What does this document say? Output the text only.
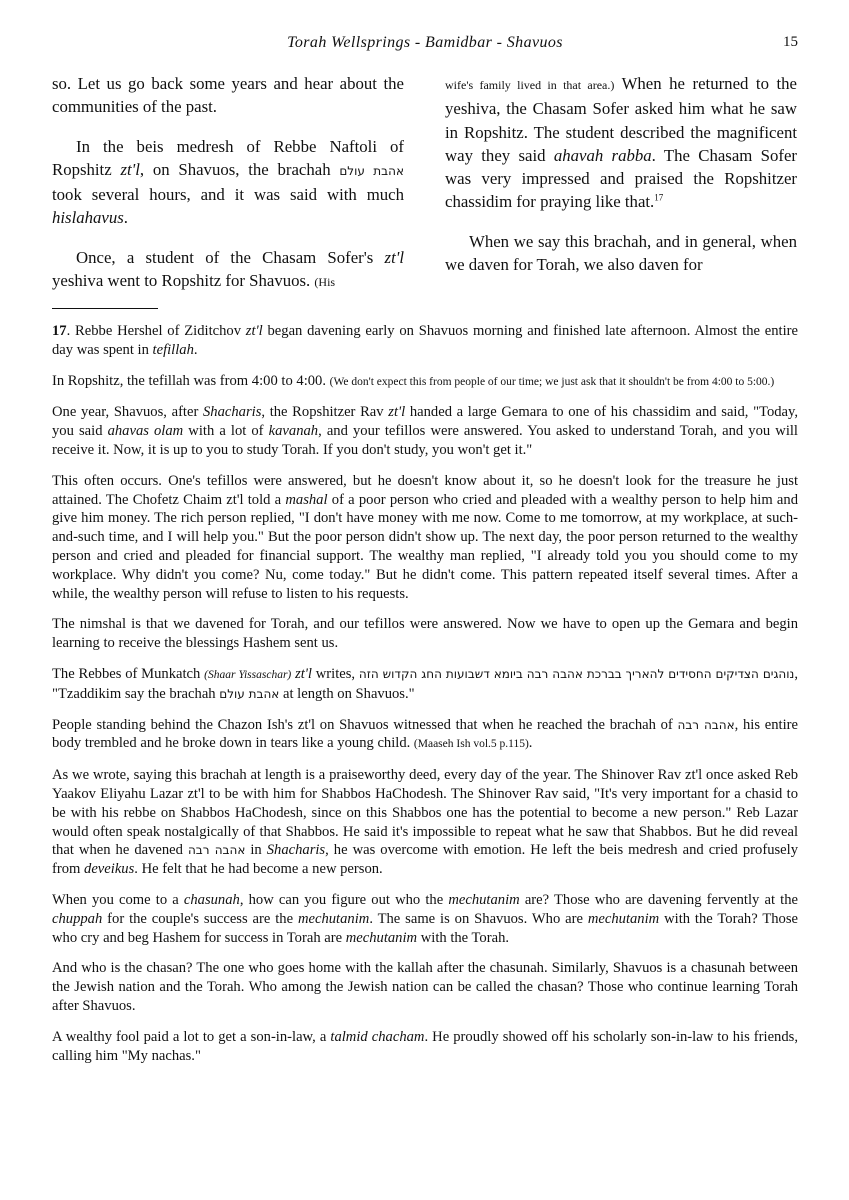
Torah Wellsprings - Bamidbar - Shavuos	15

so. Let us go back some years and hear about the communities of the past.

In the beis medresh of Rebbe Naftoli of Ropshitz zt'l, on Shavuos, the brachah אהבת עולם took several hours, and it was said with much hislahavus.

Once, a student of the Chasam Sofer's zt'l yeshiva went to Ropshitz for Shavuos. (His

wife's family lived in that area.) When he returned to the yeshiva, the Chasam Sofer asked him what he saw in Ropshitz. The student described the magnificent way they said ahavah rabba. The Chasam Sofer was very impressed and praised the Ropshitzer chassidim for praying like that.$^{17}$

When we say this brachah, and in general, when we daven for Torah, we also daven for

17. Rebbe Hershel of Ziditchov zt'l began davening early on Shavuos morning and finished late afternoon. Almost the entire day was spent in tefillah.

In Ropshitz, the tefillah was from 4:00 to 4:00. (We don't expect this from people of our time; we just ask that it shouldn't be from 4:00 to 5:00.)

One year, Shavuos, after Shacharis, the Ropshitzer Rav zt'l handed a large Gemara to one of his chassidim and said, "Today, you said ahavas olam with a lot of kavanah, and your tefillos were answered. You asked to understand Torah, and you will receive it. Now, it is up to you to study Torah. If you don't study, you won't get it."

This often occurs. One's tefillos were answered, but he doesn't know about it, so he doesn't look for the treasure he just attained. The Chofetz Chaim zt'l told a mashal of a poor person who cried and pleaded with a wealthy person to help him and give him money. The rich person replied, "I don't have money with me now. Come to me tomorrow, at my workplace, at such-and-such time, and I will help you." But the poor person didn't show up. The next day, the poor person returned to the wealthy person and cried and pleaded for financial support. The wealthy man replied, "I already told you you should come to my workplace. Why didn't you come? Nu, come today." But he didn't come. This pattern repeated itself several times. After a while, the wealthy person will refuse to listen to his requests.

The nimshal is that we davened for Torah, and our tefillos were answered. Now we have to open up the Gemara and begin learning to receive the blessings Hashem sent us.

The Rebbes of Munkatch (Shaar Yissaschar) zt'l writes, נוהגים הצדיקים החסידים להאריך בברכת אהבה רבה ביומא דשבועות החג הקדוש הזה, "Tzaddikim say the brachah אהבת עולם at length on Shavuos."

People standing behind the Chazon Ish's zt'l on Shavuos witnessed that when he reached the brachah of אהבה רבה, his entire body trembled and he broke down in tears like a young child. (Maaseh Ish vol.5 p.115).

As we wrote, saying this brachah at length is a praiseworthy deed, every day of the year. The Shinover Rav zt'l once asked Reb Yaakov Eliyahu Lazar zt'l to be with him for Shabbos HaChodesh. The Shinover Rav said, "It's very important for a chasid to be with his rebbe on Shabbos HaChodesh, since on this Shabbos one has the potential to become a new person." Reb Lazar would often speak nostalgically of that Shabbos. He said it's impossible to repeat what he saw that Shabbos. But he did reveal that when he davened אהבה רבה in Shacharis, he was overcome with emotion. He left the beis medresh and cried profusely from deveikus. He felt that he had become a new person.

When you come to a chasunah, how can you figure out who the mechutanim are? Those who are davening fervently at the chuppah for the couple's success are the mechutanim. The same is on Shavuos. Who are mechutanim with the Torah? Those who cry and beg Hashem for success in Torah are mechutanim with the Torah.

And who is the chasan? The one who goes home with the kallah after the chasunah. Similarly, Shavuos is a chasunah between the Jewish nation and the Torah. Who among the Jewish nation can be called the chasan? Those who continue learning Torah after Shavuos.

A wealthy fool paid a lot to get a son-in-law, a talmid chacham. He proudly showed off his scholarly son-in-law to his friends, calling him "My nachas."
